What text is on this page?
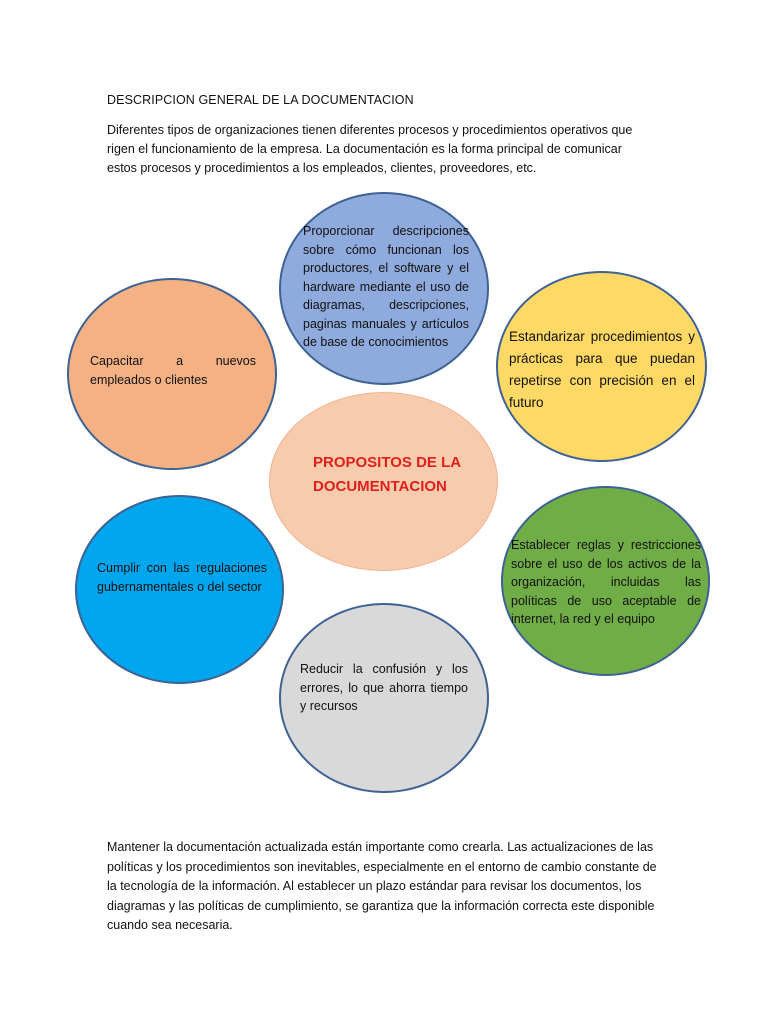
DESCRIPCION GENERAL DE LA DOCUMENTACION
Diferentes tipos de organizaciones tienen diferentes procesos y procedimientos operativos que rigen el funcionamiento de la empresa. La documentación es la forma principal de comunicar estos procesos y procedimientos a los empleados, clientes, proveedores, etc.
Proporcionar descripciones sobre cómo funcionan los productores, el software y el hardware mediante el uso de diagramas, descripciones, paginas manuales y artículos de base de conocimientos	Estandarizar procedimientos y prácticas para que puedan repetirse con precisión en el futuro
Capacitar a nuevos empleados o clientes
PROPOSITOS DE LA DOCUMENTACION
Cumplir con las regulaciones gubernamentales o del sector
Establecer reglas y restricciones sobre el uso de los activos de la organización, incluidas las políticas de uso aceptable de internet, la red y el equipo
Reducir la confusión y los errores, lo que ahorra tiempo y recursos
Mantener la documentación actualizada están importante como crearla. Las actualizaciones de las políticas y los procedimientos son inevitables, especialmente en el entorno de cambio constante de la tecnología de la información. Al establecer un plazo estándar para revisar los documentos, los diagramas y las políticas de cumplimiento, se garantiza que la información correcta este disponible cuando sea necesaria.
